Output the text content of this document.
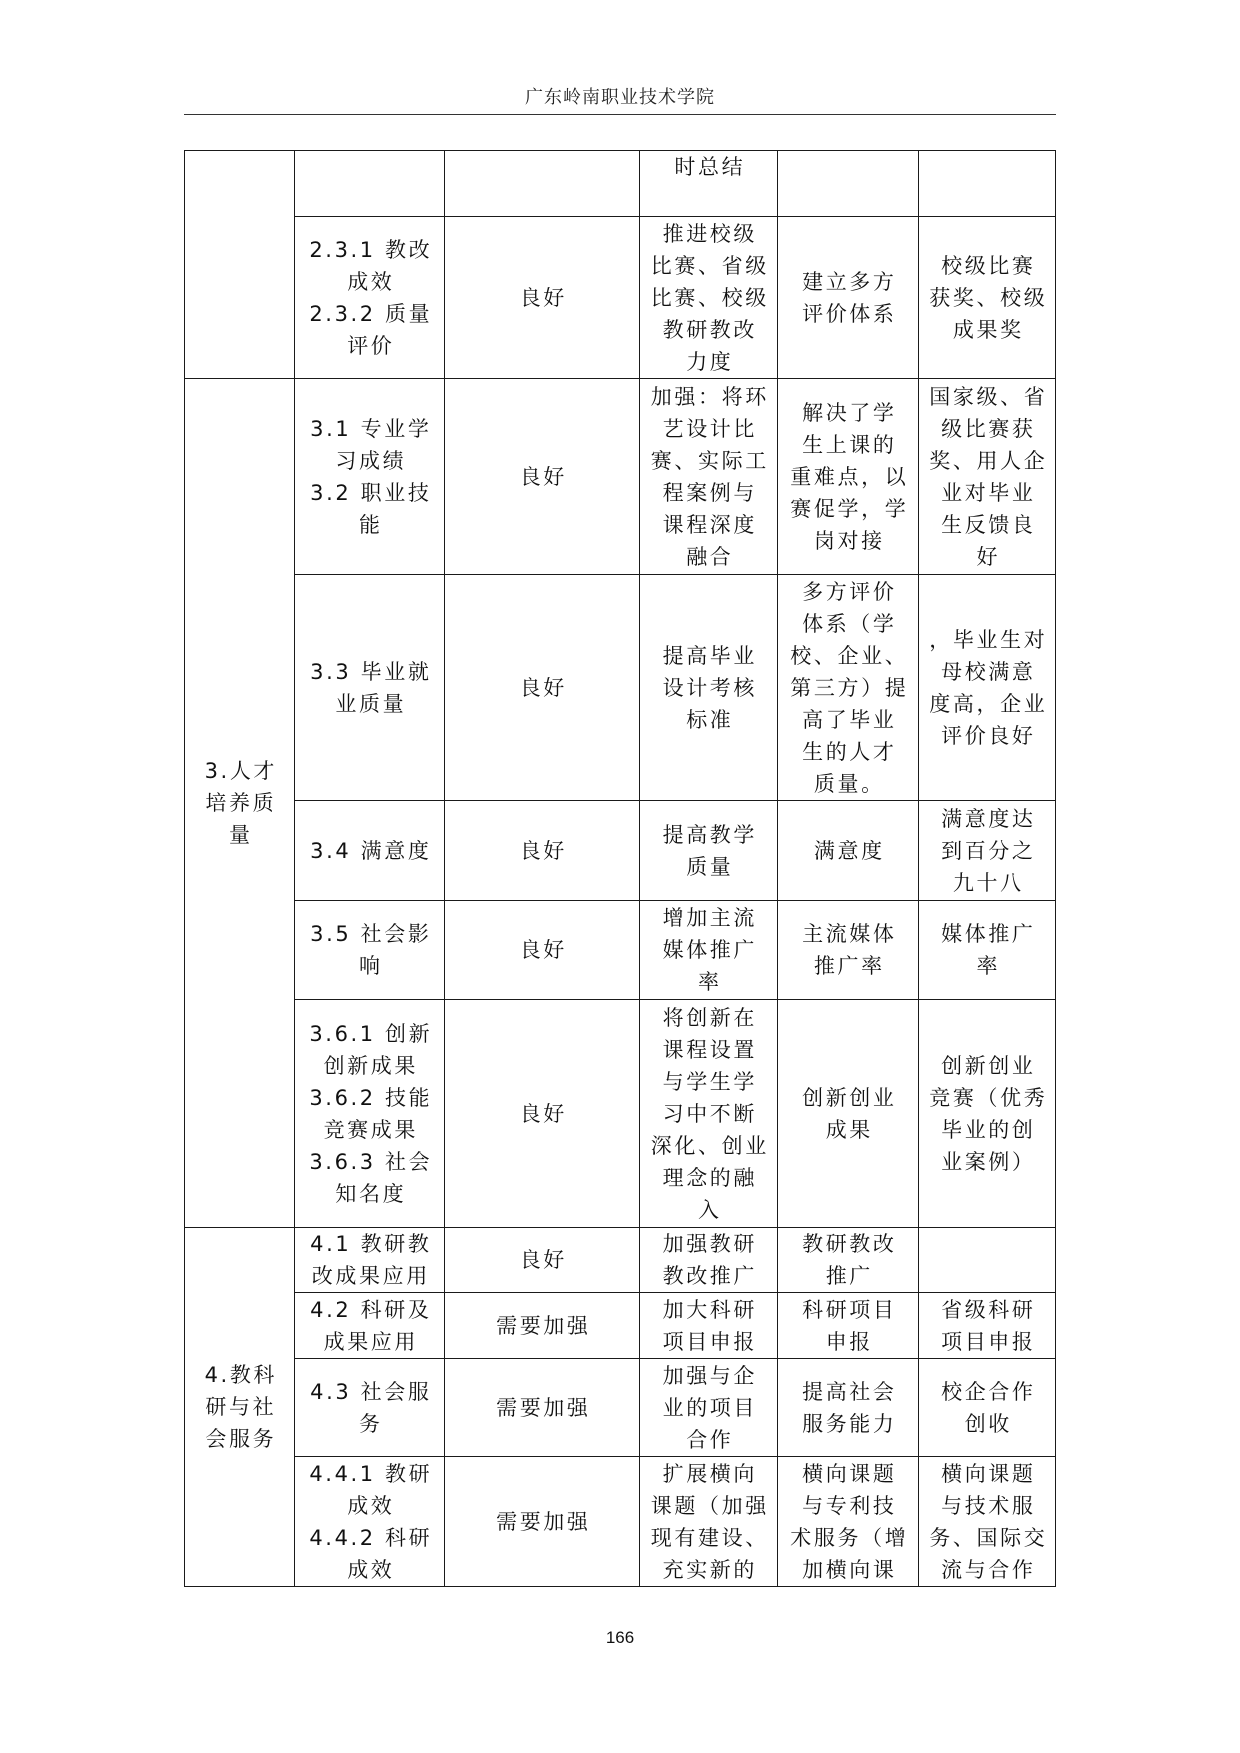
广东岭南职业技术学院
时总结
2.3.1 教改
成效
2.3.2 质量
评价
良好
推进校级
比赛、省级
比赛、校级
教研教改
力度
建立多方
评价体系
校级比赛
获奖、校级
成果奖
3.人才
培养质
量
3.1 专业学
习成绩
3.2 职业技
能
良好
加强：将环
艺设计比
赛、实际工
程案例与
课程深度
融合
解决了学
生上课的
重难点，以
赛促学，学
岗对接
国家级、省
级比赛获
奖、用人企
业对毕业
生反馈良
好
3.3 毕业就
业质量
良好
提高毕业
设计考核
标准
多方评价
体系（学
校、企业、
第三方）提
高了毕业
生的人才
质量。
，毕业生对
母校满意
度高，企业
评价良好
3.4 满意度	良好
提高教学
质量
满意度
满意度达
到百分之
九十八
3.5 社会影
响
良好
增加主流
媒体推广
率
主流媒体
推广率
媒体推广
率
3.6.1 创新
创新成果
3.6.2 技能
竞赛成果
3.6.3 社会
知名度
良好
将创新在
课程设置
与学生学
习中不断
深化、创业
理念的融
入
创新创业
成果
创新创业
竞赛（优秀
毕业的创
业案例）
4.教科
研与社
会服务
4.1 教研教
改成果应用
良好
加强教研
教改推广
教研教改
推广
4.2 科研及
成果应用
需要加强
加大科研
项目申报
科研项目
申报
省级科研
项目申报
4.3 社会服
务
需要加强
加强与企
业的项目
合作
提高社会
服务能力
校企合作
创收
4.4.1 教研
成效
4.4.2 科研
成效
需要加强
扩展横向
课题（加强
现有建设、
充实新的
横向课题
与专利技
术服务（增
加横向课
横向课题
与技术服
务、国际交
流与合作
166
